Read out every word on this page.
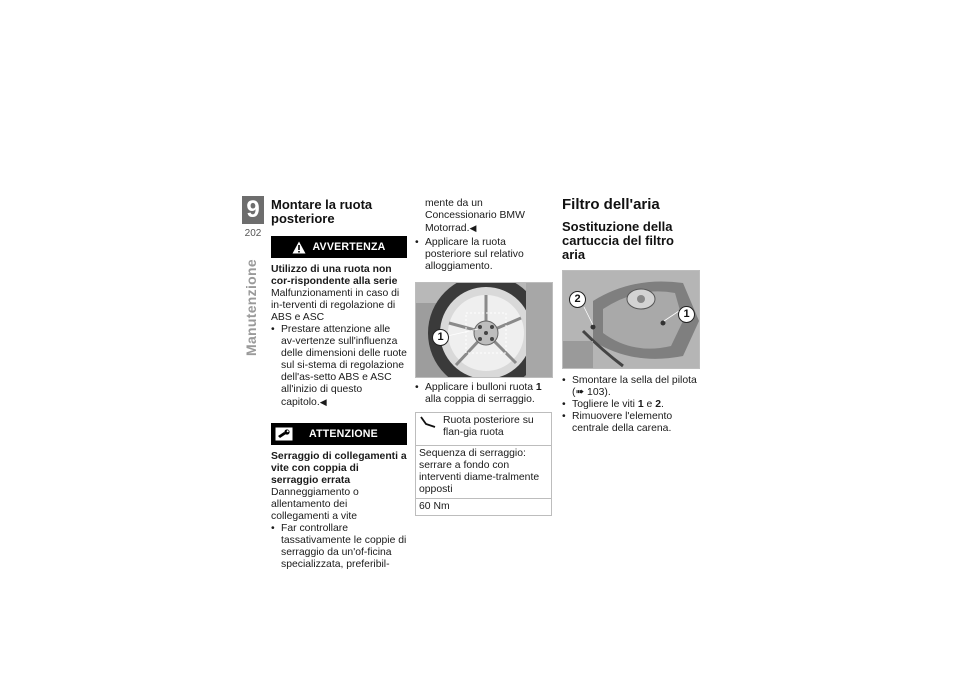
9
202
Manutenzione
Montare la ruota posteriore
AVVERTENZA

Utilizzo di una ruota non cor-rispondente alla serie

Malfunzionamenti in caso di in-terventi di regolazione di ABS e ASC

• Prestare attenzione alle av-vertenze sull'influenza delle dimensioni delle ruote sul si-stema di regolazione dell'as-setto ABS e ASC all'inizio di questo capitolo.◀
ATTENZIONE

Serraggio di collegamenti a vite con coppia di serraggio errata

Danneggiamento o allentamento dei collegamenti a vite

• Far controllare tassativamente le coppie di serraggio da un'of-ficina specializzata, preferibil-

mente da un Concessionario BMW Motorrad.◀

• Applicare la ruota posteriore sul relativo alloggiamento.
1
• Applicare i bulloni ruota 1 alla coppia di serraggio.
Ruota posteriore su flan-gia ruota

Sequenza di serraggio: serrare a fondo con interventi diame-tralmente opposti
60 Nm
Filtro dell'aria
Sostituzione della cartuccia del filtro aria
2
1
• Smontare la sella del pilota
(➠ 103).
• Togliere le viti 1 e 2.
• Rimuovere l'elemento centrale della carena.
